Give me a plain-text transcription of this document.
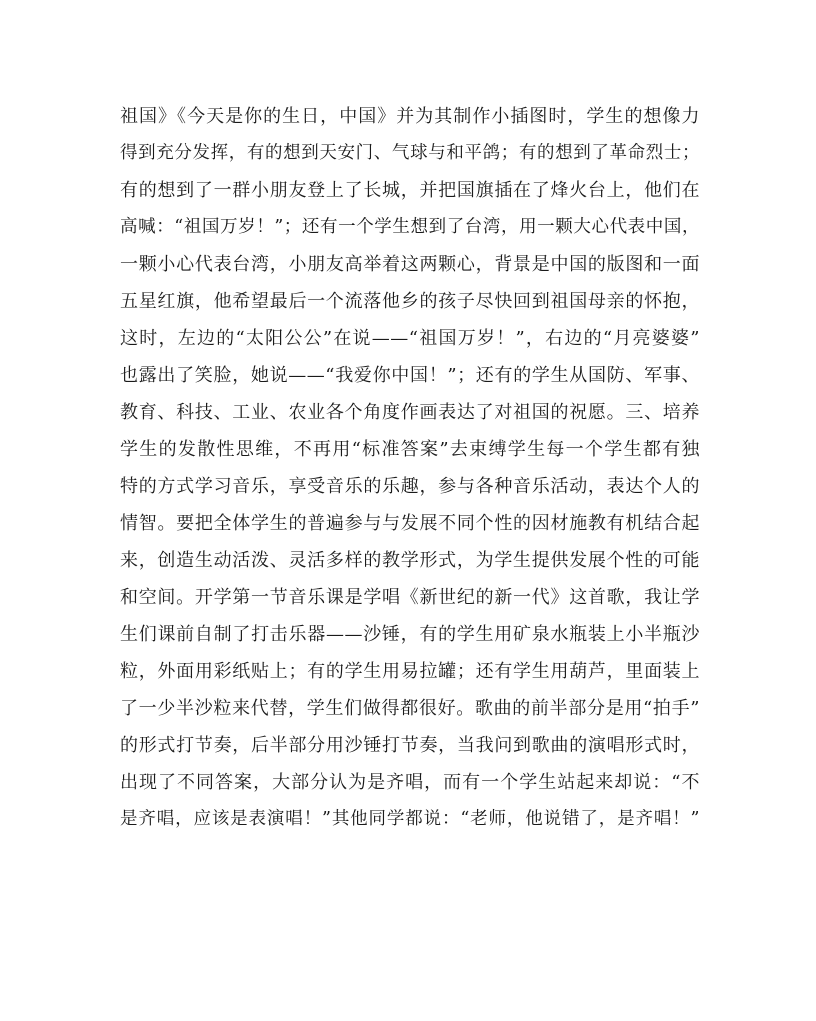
祖国》《今天是你的生日，中国》并为其制作小插图时，学生的想像力
得到充分发挥，有的想到天安门、气球与和平鸽；有的想到了革命烈士；
有的想到了一群小朋友登上了长城，并把国旗插在了烽火台上，他们在
高喊：“祖国万岁！”；还有一个学生想到了台湾，用一颗大心代表中国，
一颗小心代表台湾，小朋友高举着这两颗心，背景是中国的版图和一面
五星红旗，他希望最后一个流落他乡的孩子尽快回到祖国母亲的怀抱，
这时，左边的“太阳公公”在说——“祖国万岁！”，右边的“月亮婆婆”
也露出了笑脸，她说——“我爱你中国！”；还有的学生从国防、军事、
教育、科技、工业、农业各个角度作画表达了对祖国的祝愿。三、培养
学生的发散性思维，不再用“标准答案”去束缚学生每一个学生都有独
特的方式学习音乐，享受音乐的乐趣，参与各种音乐活动，表达个人的
情智。要把全体学生的普遍参与与发展不同个性的因材施教有机结合起
来，创造生动活泼、灵活多样的教学形式，为学生提供发展个性的可能
和空间。开学第一节音乐课是学唱《新世纪的新一代》这首歌，我让学
生们课前自制了打击乐器——沙锤，有的学生用矿泉水瓶装上小半瓶沙
粒，外面用彩纸贴上；有的学生用易拉罐；还有学生用葫芦，里面装上
了一少半沙粒来代替，学生们做得都很好。歌曲的前半部分是用“拍手”
的形式打节奏，后半部分用沙锤打节奏，当我问到歌曲的演唱形式时，
出现了不同答案，大部分认为是齐唱，而有一个学生站起来却说：“不
是齐唱，应该是表演唱！”其他同学都说：“老师，他说错了，是齐唱！”
